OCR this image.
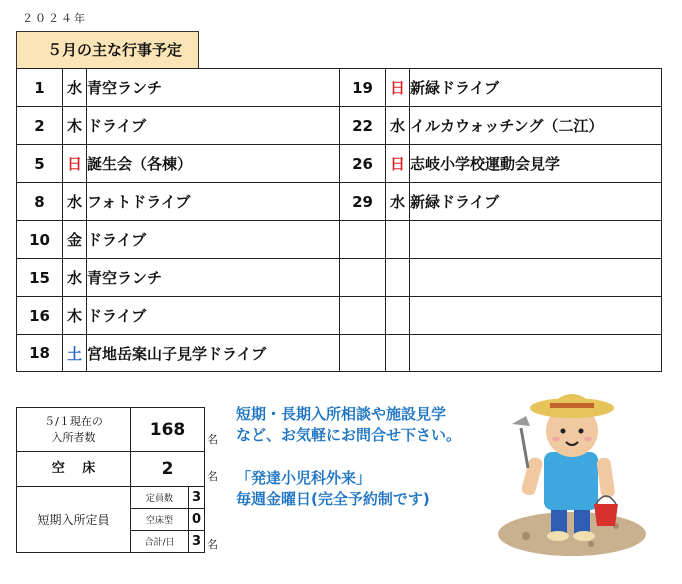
２０２４年
５月の主な行事予定
1	水	青空ランチ	19	日	新緑ドライブ
2	木	ドライブ	22	水	イルカウォッチング（二江）
5	日	誕生会（各棟）	26	日	志岐小学校運動会見学
8	水	フォトドライブ	29	水	新緑ドライブ
10	金	ドライブ			
15	水	青空ランチ			
16	木	ドライブ			
18	土	宮地岳案山子見学ドライブ			
５/１現在の
入所者数	168	
空　 床	2	
短期入所定員	定員数	3
	空床型	0
	合計/日	3
名
名
名
短期・長期入所相談や施設見学
など、お気軽にお問合せ下さい。
「発達小児科外来」
毎週金曜日(完全予約制です)
